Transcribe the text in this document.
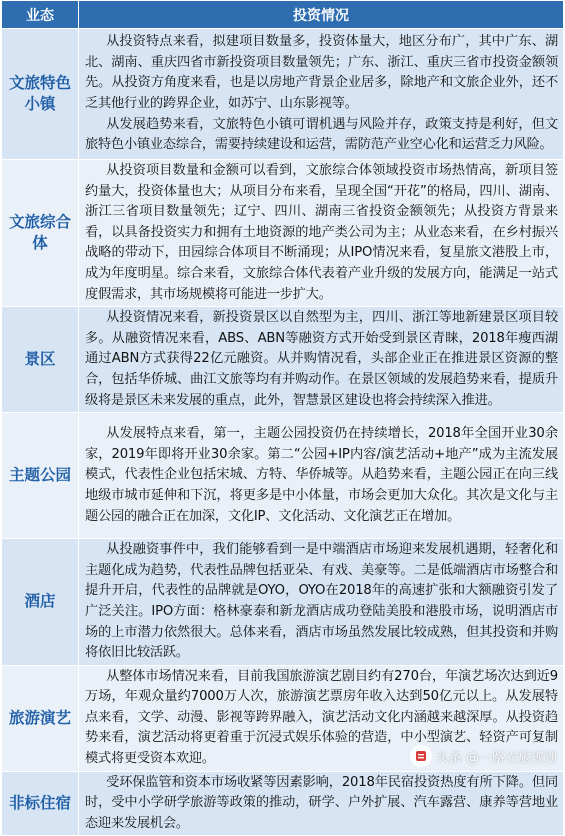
业态	投资情况
文旅特色小镇	从投资特点来看，拟建项目数量多，投资体量大，地区分布广，其中广东、湖北、湖南、重庆四省市新投资项目数量领先；广东、浙江、重庆三省市投资金额领先。从投资方角度来看，也是以房地产背景企业居多，除地产和文旅企业外，还不乏其他行业的跨界企业，如苏宁、山东影视等。

从发展趋势来看，文旅特色小镇可谓机遇与风险并存，政策支持是利好，但文旅特色小镇业态综合，需要持续建设和运营，需防范产业空心化和运营乏力风险。

文旅综合体	从投资项目数量和金额可以看到，文旅综合体领域投资市场热情高，新项目签约量大，投资体量也大；从项目分布来看，呈现全国“开花”的格局，四川、湖南、浙江三省项目数量领先；辽宁、四川、湖南三省投资金额领先；从投资方背景来看，以具备投资实力和拥有土地资源的地产类公司为主；从业态来看，在乡村振兴战略的带动下，田园综合体项目不断涌现；从IPO情况来看，复星旅文港股上市，成为年度明星。综合来看，文旅综合体代表着产业升级的发展方向，能满足一站式度假需求，其市场规模将可能进一步扩大。

景区	从投资情况来看，新投资景区以自然型为主，四川、浙江等地新建景区项目较多。从融资情况来看，ABS、ABN等融资方式开始受到景区青睐，2018年瘦西湖通过ABN方式获得22亿元融资。从并购情况看，头部企业正在推进景区资源的整合，包括华侨城、曲江文旅等均有并购动作。在景区领域的发展趋势来看，提质升级将是景区未来发展的重点，此外，智慧景区建设也将会持续深入推进。

主题公园	从发展特点来看，第一，主题公园投资仍在持续增长，2018年全国开业30余家，2019年即将开业30余家。第二“公园+IP内容/演艺活动+地产”成为主流发展模式，代表性企业包括宋城、方特、华侨城等。从趋势来看，主题公园正在向三线地级市城市延伸和下沉，将更多是中小体量，市场会更加大众化。其次是文化与主题公园的融合正在加深，文化IP、文化活动、文化演艺正在增加。

酒店	从投融资事件中，我们能够看到一是中端酒店市场迎来发展机遇期，轻奢化和主题化成为趋势，代表性品牌包括亚朵、有戏、美豪等。二是低端酒店市场整合和提升开启，代表性的品牌就是OYO，OYO在2018年的高速扩张和大额融资引发了广泛关注。IPO方面：格林豪泰和新龙酒店成功登陆美股和港股市场，说明酒店市场的上市潜力依然很大。总体来看，酒店市场虽然发展比较成熟，但其投资和并购将依旧比较活跃。

旅游演艺	从整体市场情况来看，目前我国旅游演艺剧目约有270台，年演艺场次达到近9万场，年观众量约7000万人次，旅游演艺票房年收入达到50亿元以上。从发展特点来看，文学、动漫、影视等跨界融入，演艺活动文化内涵越来越深厚。从投资趋势来看，演艺活动将更着重于沉浸式娱乐体验的营造，中小型演艺、轻资产可复制模式将更受资本欢迎。

非标住宿	受环保监管和资本市场收紧等因素影响，2018年民宿投资热度有所下降。但同时，受中小学研学旅游等政策的推动，研学、户外扩展、汽车露营、康养等营地业态迎来发展机会。	头条 @一路衣旅规划
